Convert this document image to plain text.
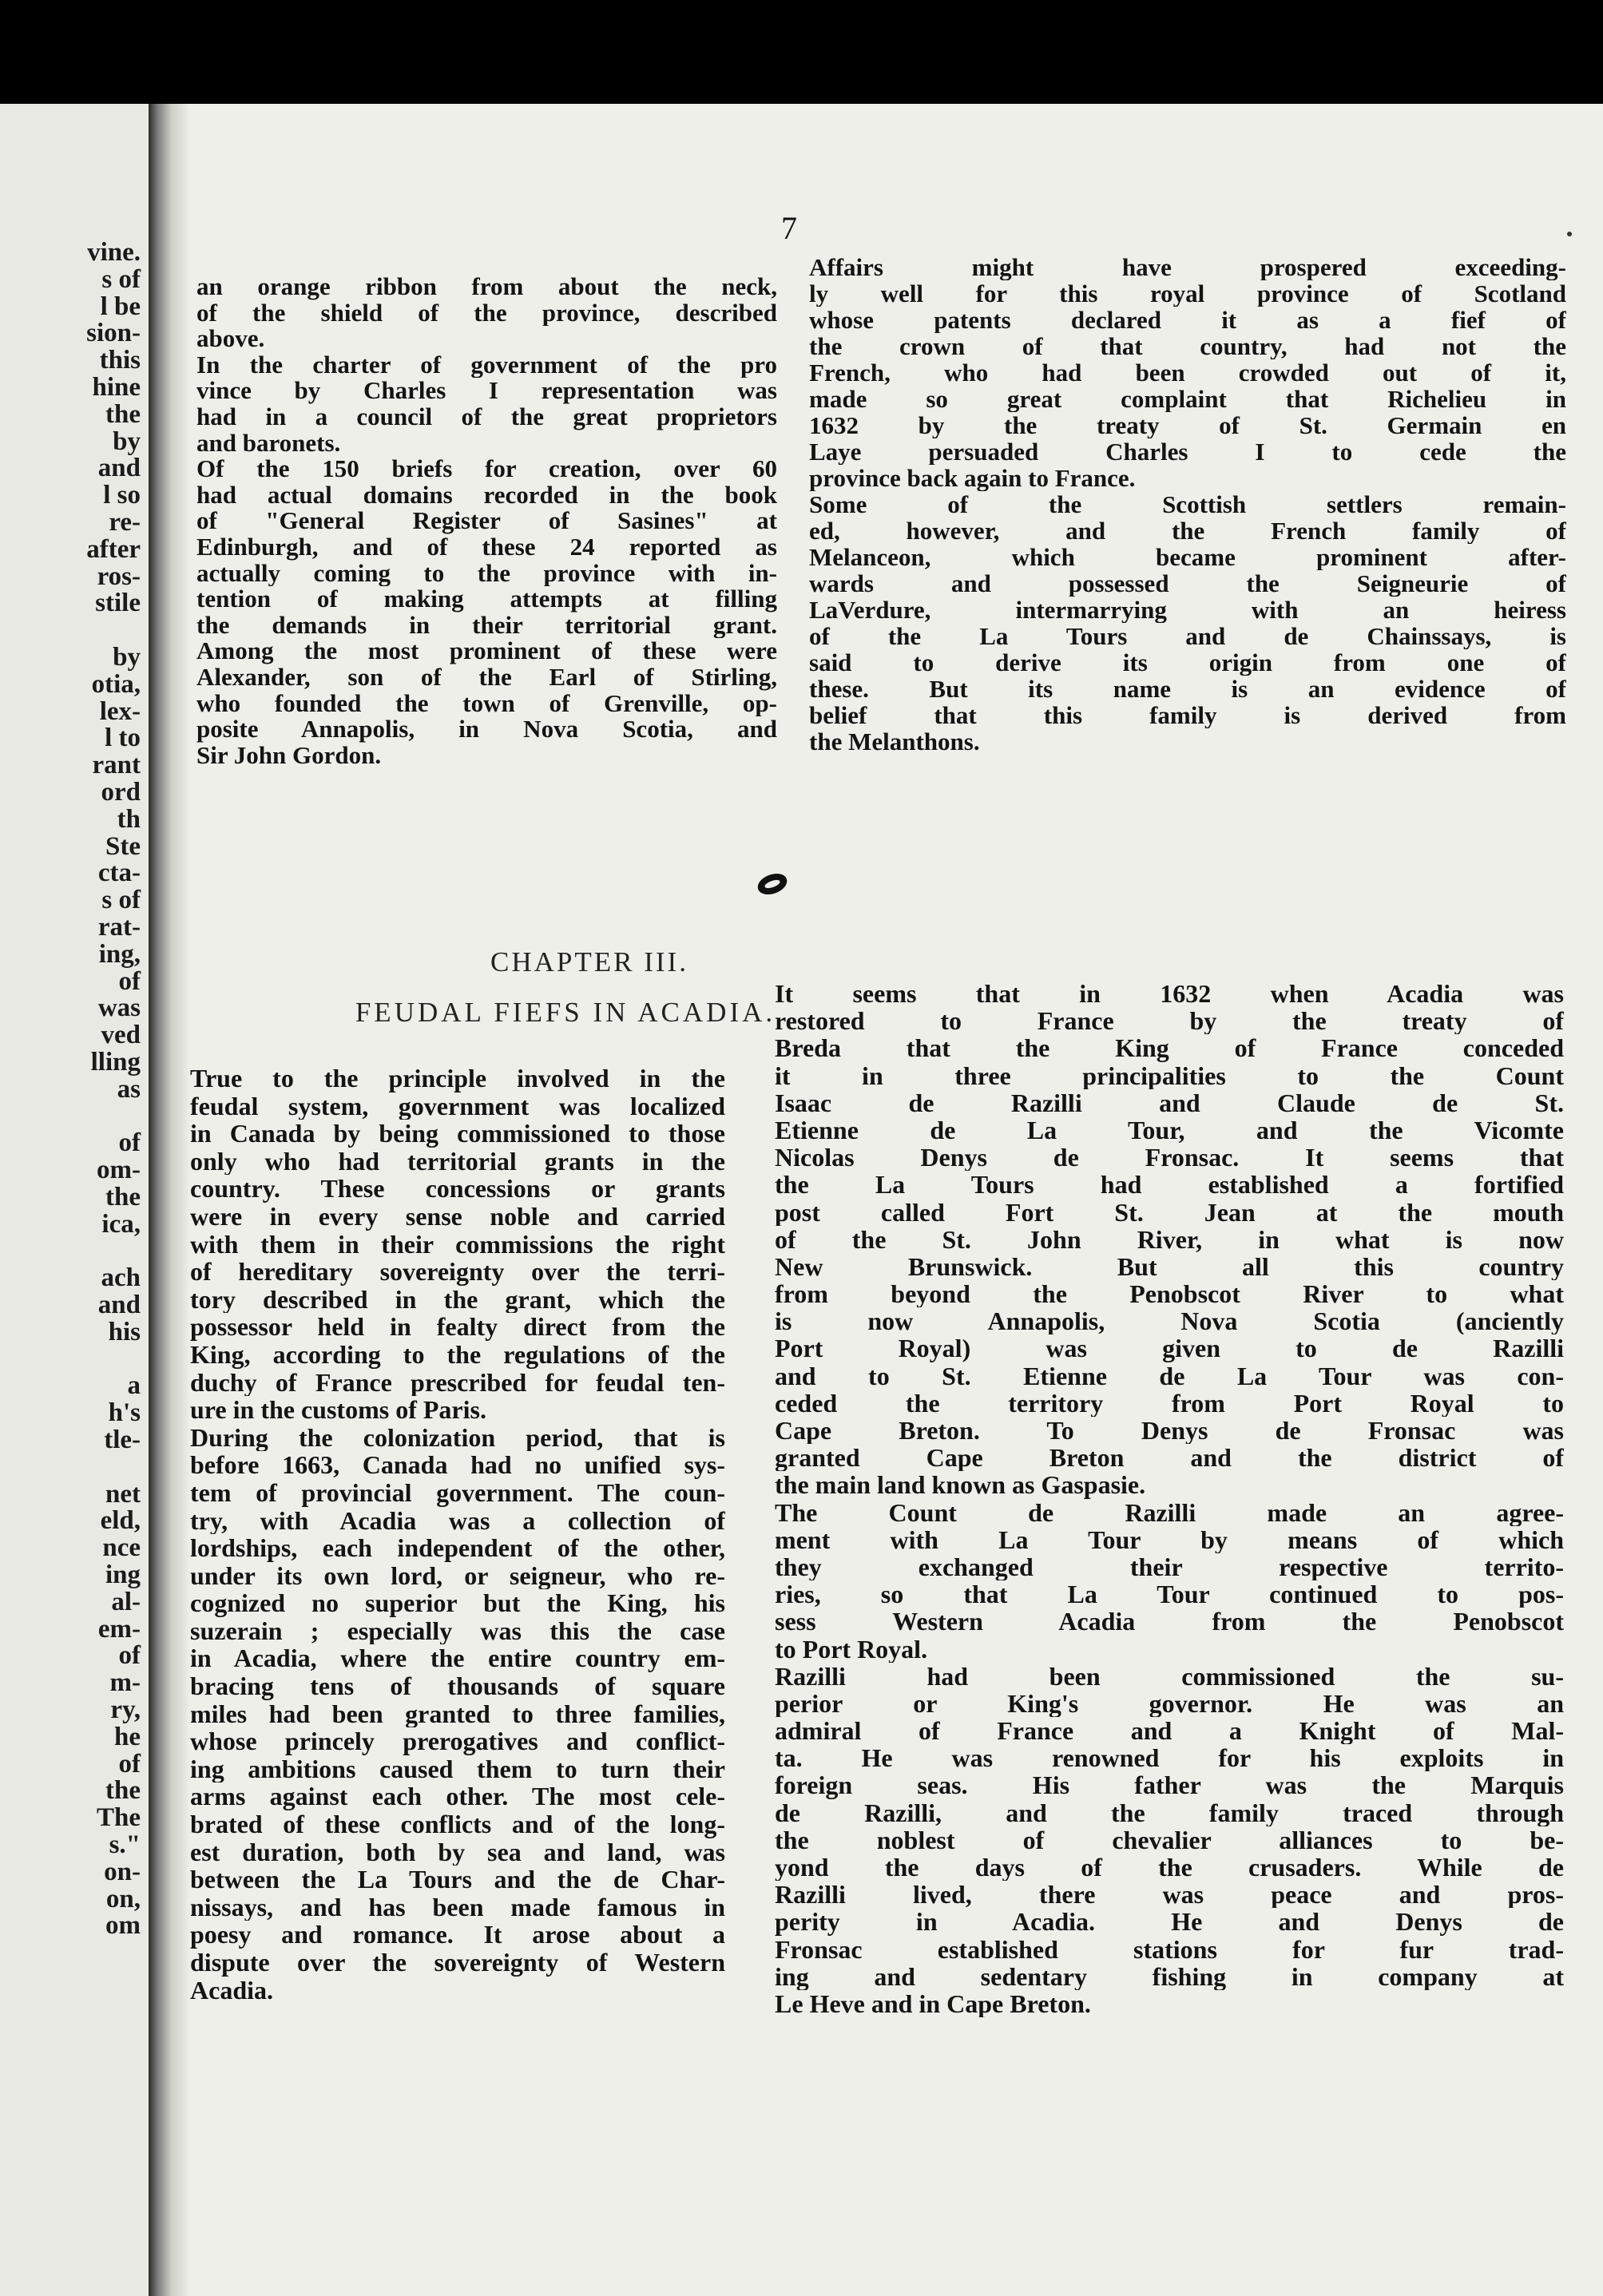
vine.
s of
l be
sion-
this
hine
the
by
and
l so
re-
after
ros-
stile
by
otia,
lex-
l to
rant
ord
th
Ste
cta-
s of
rat-
ing,
of
was
ved
lling
as
of
om-
the
ica,
ach
and
his
a
h's
tle-
net
eld,
nce
ing
al-
em-
of
m-
ry,
he
of
the
The
s."
on-
on,
om
7
an orange ribbon from about the neck,
of the shield of the province, described
above.
In the charter of government of the pro
vince by Charles I representation was
had in a council of the great proprietors
and baronets.
Of the 150 briefs for creation, over 60
had actual domains recorded in the book
of "General Register of Sasines" at
Edinburgh, and of these 24 reported as
actually coming to the province with in-
tention of making attempts at filling
the demands in their territorial grant.
Among the most prominent of these were
Alexander, son of the Earl of Stirling,
who founded the town of Grenville, op-
posite Annapolis, in Nova Scotia, and
Sir John Gordon.
Affairs might have prospered exceeding-
ly well for this royal province of Scotland
whose patents declared it as a fief of
the crown of that country, had not the
French, who had been crowded out of it,
made so great complaint that Richelieu in
1632 by the treaty of St. Germain en
Laye persuaded Charles I to cede the
province back again to France.
Some of the Scottish settlers remain-
ed, however, and the French family of
Melanceon, which became prominent after-
wards and possessed the Seigneurie of
LaVerdure, intermarrying with an heiress
of the La Tours and de Chainssays, is
said to derive its origin from one of
these. But its name is an evidence of
belief that this family is derived from
the Melanthons.
CHAPTER III.
FEUDAL FIEFS IN ACADIA.
True to the principle involved in the
feudal system, government was localized
in Canada by being commissioned to those
only who had territorial grants in the
country. These concessions or grants
were in every sense noble and carried
with them in their commissions the right
of hereditary sovereignty over the terri-
tory described in the grant, which the
possessor held in fealty direct from the
King, according to the regulations of the
duchy of France prescribed for feudal ten-
ure in the customs of Paris.
During the colonization period, that is
before 1663, Canada had no unified sys-
tem of provincial government. The coun-
try, with Acadia was a collection of
lordships, each independent of the other,
under its own lord, or seigneur, who re-
cognized no superior but the King, his
suzerain ; especially was this the case
in Acadia, where the entire country em-
bracing tens of thousands of square
miles had been granted to three families,
whose princely prerogatives and conflict-
ing ambitions caused them to turn their
arms against each other. The most cele-
brated of these conflicts and of the long-
est duration, both by sea and land, was
between the La Tours and the de Char-
nissays, and has been made famous in
poesy and romance. It arose about a
dispute over the sovereignty of Western
Acadia.
It seems that in 1632 when Acadia was
restored to France by the treaty of
Breda that the King of France conceded
it in three principalities to the Count
Isaac de Razilli and Claude de St.
Etienne de La Tour, and the Vicomte
Nicolas Denys de Fronsac. It seems that
the La Tours had established a fortified
post called Fort St. Jean at the mouth
of the St. John River, in what is now
New Brunswick. But all this country
from beyond the Penobscot River to what
is now Annapolis, Nova Scotia (anciently
Port Royal) was given to de Razilli
and to St. Etienne de La Tour was con-
ceded the territory from Port Royal to
Cape Breton. To Denys de Fronsac was
granted Cape Breton and the district of
the main land known as Gaspasie.
The Count de Razilli made an agree-
ment with La Tour by means of which
they exchanged their respective territo-
ries, so that La Tour continued to pos-
sess Western Acadia from the Penobscot
to Port Royal.
Razilli had been commissioned the su-
perior or King's governor. He was an
admiral of France and a Knight of Mal-
ta. He was renowned for his exploits in
foreign seas. His father was the Marquis
de Razilli, and the family traced through
the noblest of chevalier alliances to be-
yond the days of the crusaders. While de
Razilli lived, there was peace and pros-
perity in Acadia. He and Denys de
Fronsac established stations for fur trad-
ing and sedentary fishing in company at
Le Heve and in Cape Breton.
